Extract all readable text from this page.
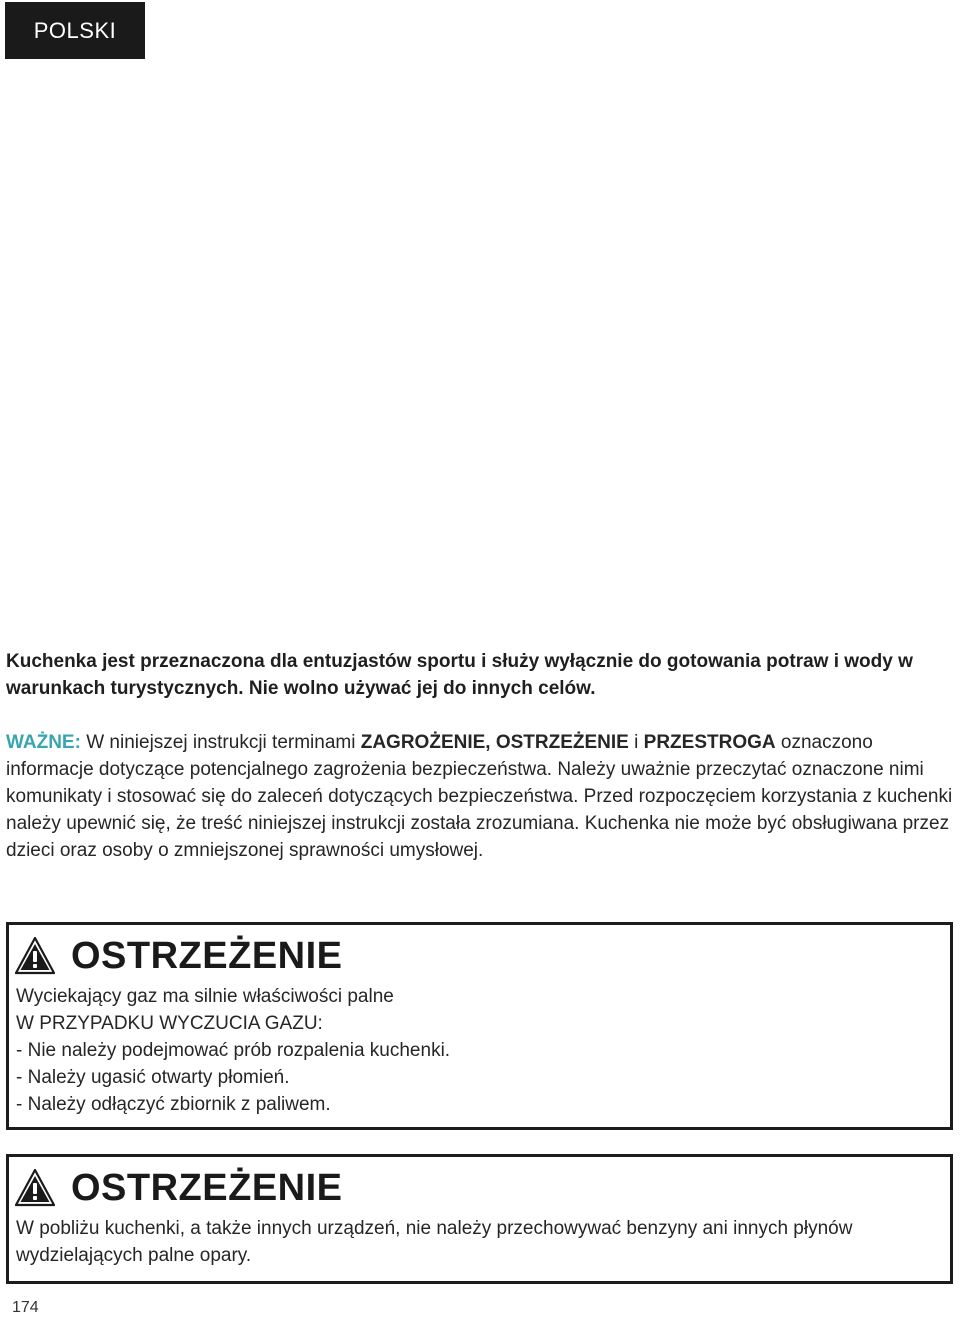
POLSKI

Kuchenka jest przeznaczona dla entuzjastów sportu i służy wyłącznie do gotowania potraw i wody w warunkach turystycznych. Nie wolno używać jej do innych celów.

WAŻNE: W niniejszej instrukcji terminami ZAGROŻENIE, OSTRZEŻENIE i PRZESTROGA oznaczono informacje dotyczące potencjalnego zagrożenia bezpieczeństwa. Należy uważnie przeczytać oznaczone nimi komunikaty i stosować się do zaleceń dotyczących bezpieczeństwa. Przed rozpoczęciem korzystania z kuchenki należy upewnić się, że treść niniejszej instrukcji została zrozumiana. Kuchenka nie może być obsługiwana przez dzieci oraz osoby o zmniejszonej sprawności umysłowej.

OSTRZEŻENIE
Wyciekający gaz ma silnie właściwości palne
W PRZYPADKU WYCZUCIA GAZU:
- Nie należy podejmować prób rozpalenia kuchenki.
- Należy ugasić otwarty płomień.
- Należy odłączyć zbiornik z paliwem.
OSTRZEŻENIE
W pobliżu kuchenki, a także innych urządzeń, nie należy przechowywać benzyny ani innych płynów wydzielających palne opary.
174
